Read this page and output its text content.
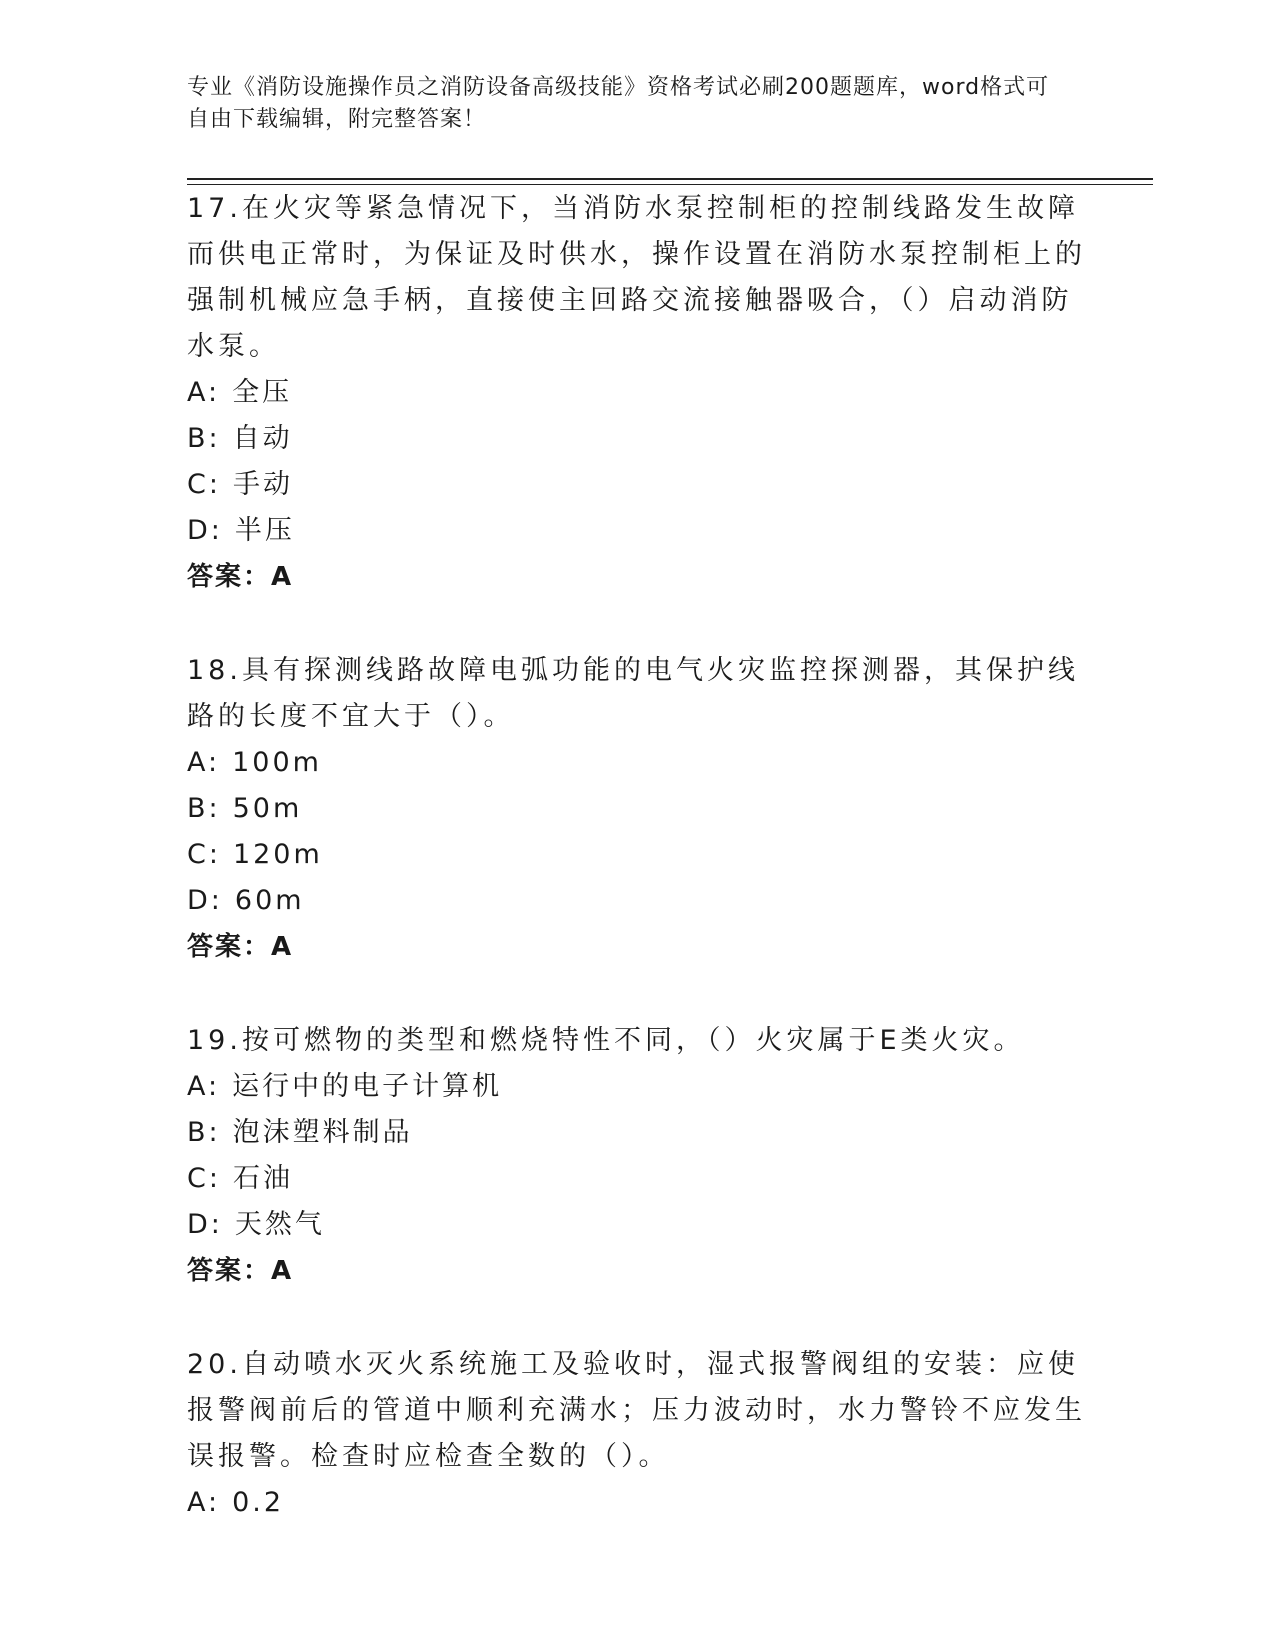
专业《消防设施操作员之消防设备高级技能》资格考试必刷200题题库，word格式可自由下载编辑，附完整答案！

17.在火灾等紧急情况下，当消防水泵控制柜的控制线路发生故障而供电正常时，为保证及时供水，操作设置在消防水泵控制柜上的强制机械应急手柄，直接使主回路交流接触器吸合，（）启动消防水泵。

A: 全压

B: 自动

C: 手动

D: 半压

答案：A

18.具有探测线路故障电弧功能的电气火灾监控探测器，其保护线路的长度不宜大于（）。

A: 100m

B: 50m

C: 120m

D: 60m

答案：A

19.按可燃物的类型和燃烧特性不同，（）火灾属于E类火灾。

A: 运行中的电子计算机

B: 泡沫塑料制品

C: 石油

D: 天然气

答案：A

20.自动喷水灭火系统施工及验收时，湿式报警阀组的安装：应使报警阀前后的管道中顺利充满水；压力波动时，水力警铃不应发生误报警。检查时应检查全数的（）。

A: 0.2
